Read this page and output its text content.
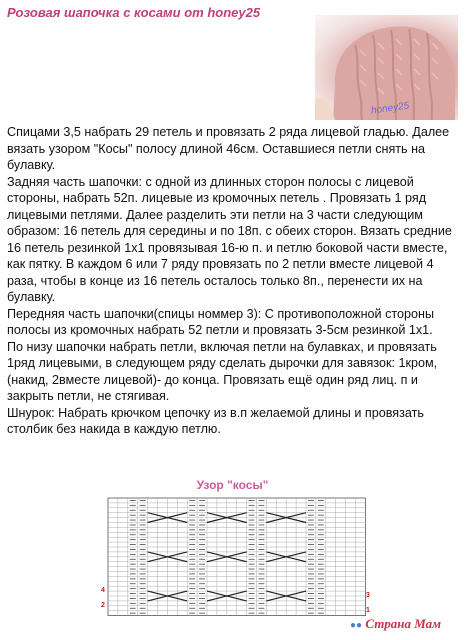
Розовая шапочка с косами от honey25
honey25

Спицами 3,5 набрать 29 петель и провязать 2 ряда лицевой гладью. Далее вязать узором "Косы" полосу длиной 46см. Оставшиеся петли снять на булавку.

Задняя часть шапочки: с одной из длинных сторон полосы с лицевой стороны, набрать 52п. лицевые из кромочных петель . Провязать 1 ряд лицевыми петлями. Далее разделить эти петли на 3 части следующим образом: 16 петель для середины и по 18п. с обеих сторон. Вязать средние 16 петель резинкой 1х1 провязывая 16-ю п. и петлю боковой части вместе, как пятку. В каждом 6 или 7 ряду провязать по 2 петли вместе лицевой 4 раза, чтобы в конце из 16 петель осталось только 8п., перенести их на булавку.

Передняя часть шапочки(спицы номмер 3): С противоположной стороны полосы из кромочных набрать 52 петли и провязать 3-5см резинкой 1х1.

По низу шапочки набрать петли, включая петли на булавках, и провязать 1ряд лицевыми, в следующем ряду сделать дырочки для завязок: 1кром, (накид, 2вместе лицевой)- до конца. Провязать ещё один ряд лиц. п и закрыть петли, не стягивая.

Шнурок: Набрать крючком цепочку из в.п желаемой длины и провязать столбик без накида в каждую петлю.

Узор "косы"

4
2
3
1
●● Страна Мам
